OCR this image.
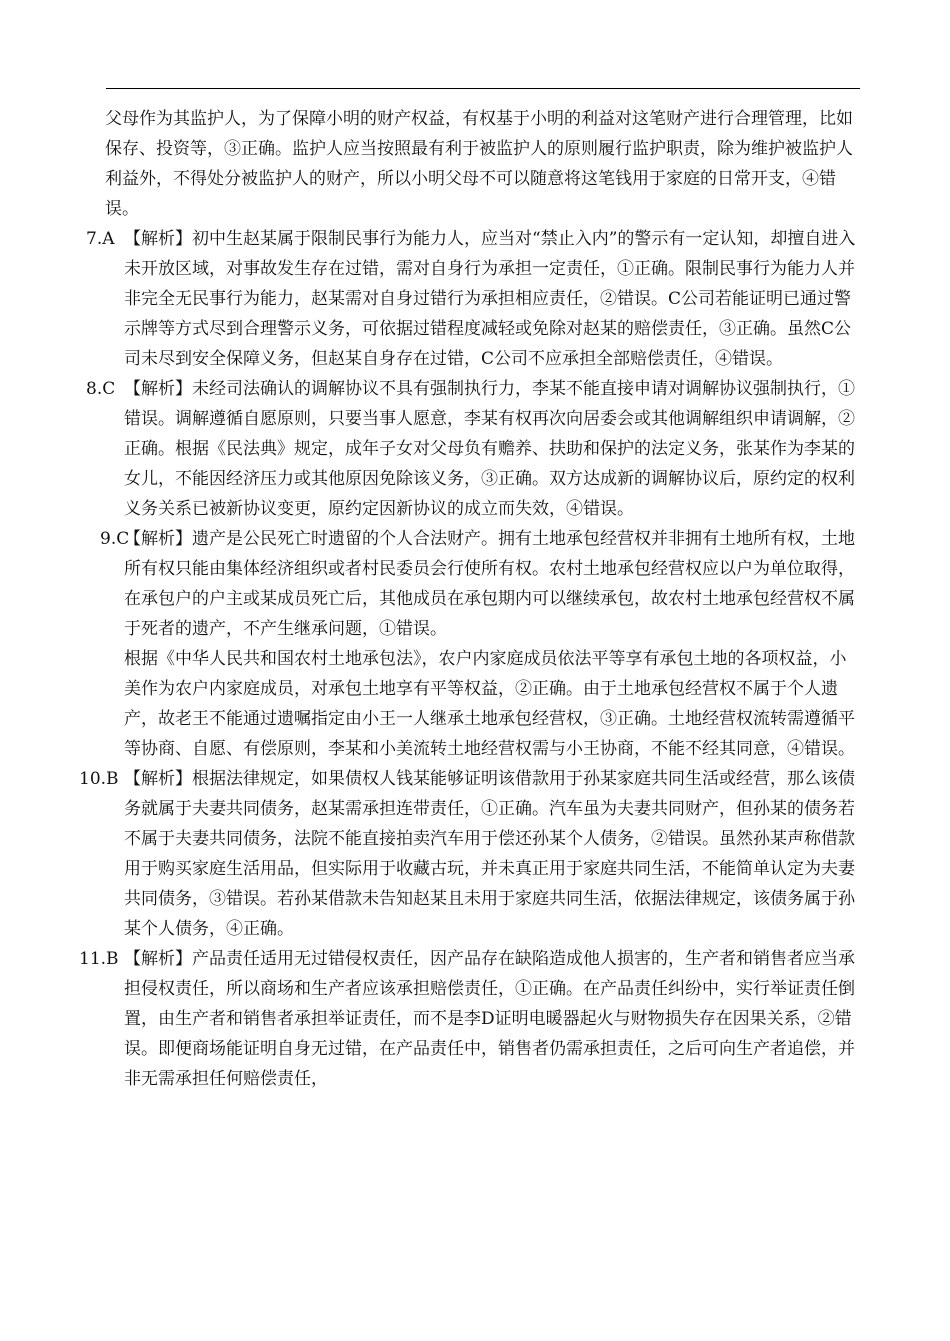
父母作为其监护人，为了保障小明的财产权益，有权基于小明的利益对这笔财产进行合理管理，比如保存、投资等，③正确。监护人应当按照最有利于被监护人的原则履行监护职责，除为维护被监护人利益外，不得处分被监护人的财产，所以小明父母不可以随意将这笔钱用于家庭的日常开支，④错误。

7.A 【解析】初中生赵某属于限制民事行为能力人，应当对“禁止入内”的警示有一定认知，却擅自进入未开放区域，对事故发生存在过错，需对自身行为承担一定责任，①正确。限制民事行为能力人并非完全无民事行为能力，赵某需对自身过错行为承担相应责任，②错误。C公司若能证明已通过警示牌等方式尽到合理警示义务，可依据过错程度减轻或免除对赵某的赔偿责任，③正确。虽然C公司未尽到安全保障义务，但赵某自身存在过错，C公司不应承担全部赔偿责任，④错误。
8.C 【解析】未经司法确认的调解协议不具有强制执行力，李某不能直接申请对调解协议强制执行，①错误。调解遵循自愿原则，只要当事人愿意，李某有权再次向居委会或其他调解组织申请调解，②正确。根据《民法典》规定，成年子女对父母负有赡养、扶助和保护的法定义务，张某作为李某的女儿，不能因经济压力或其他原因免除该义务，③正确。双方达成新的调解协议后，原约定的权利义务关系已被新协议变更，原约定因新协议的成立而失效，④错误。
9.C
【解析】遗产是公民死亡时遗留的个人合法财产。拥有土地承包经营权并非拥有土地所有权，土地所有权只能由集体经济组织或者村民委员会行使所有权。农村土地承包经营权应以户为单位取得，在承包户的户主或某成员死亡后，其他成员在承包期内可以继续承包，故农村土地承包经营权不属于死者的遗产，不产生继承问题，①错误。
根据《中华人民共和国农村土地承包法》，农户内家庭成员依法平等享有承包土地的各项权益，小美作为农户内家庭成员，对承包土地享有平等权益，②正确。由于土地承包经营权不属于个人遗产，故老王不能通过遗嘱指定由小王一人继承土地承包经营权，③正确。土地经营权流转需遵循平等协商、自愿、有偿原则，李某和小美流转土地经营权需与小王协商，不能不经其同意，④错误。
10.B 【解析】根据法律规定，如果债权人钱某能够证明该借款用于孙某家庭共同生活或经营，那么该债务就属于夫妻共同债务，赵某需承担连带责任，①正确。汽车虽为夫妻共同财产，但孙某的债务若不属于夫妻共同债务，法院不能直接拍卖汽车用于偿还孙某个人债务，②错误。虽然孙某声称借款用于购买家庭生活用品，但实际用于收藏古玩，并未真正用于家庭共同生活，不能简单认定为夫妻共同债务，③错误。若孙某借款未告知赵某且未用于家庭共同生活，依据法律规定，该债务属于孙某个人债务，④正确。
11.B 【解析】产品责任适用无过错侵权责任，因产品存在缺陷造成他人损害的，生产者和销售者应当承担侵权责任，所以商场和生产者应该承担赔偿责任，①正确。在产品责任纠纷中，实行举证责任倒置，由生产者和销售者承担举证责任，而不是李D证明电暖器起火与财物损失存在因果关系，②错误。即便商场能证明自身无过错，在产品责任中，销售者仍需承担责任，之后可向生产者追偿，并非无需承担任何赔偿责任，
